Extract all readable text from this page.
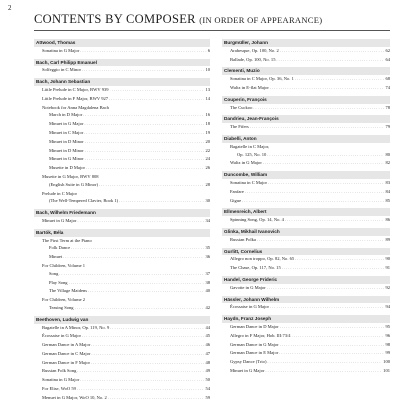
2
CONTENTS BY COMPOSER (IN ORDER OF APPEARANCE)
Attwood, Thomas
Sonatina in G Major . . .	6
Bach, Carl Philipp Emanuel
Solfeggio in C Minor . . .	10
Bach, Johann Sebastian
Little Prelude in C Major, BWV 939 . . .	13
Little Prelude in F Major, BWV 927 . . .	14
Notebook for Anna Magdalena Bach
March in D Major . . .	16
Minuet in G Major . . .	18
Minuet in C Major . . .	19
Minuet in D Minor . . .	20
Minuet in D Minor . . .	22
Minuet in G Minor . . .	24
Musette in D Major . . .	26
Musette in G Major, BWV 808
(English Suite in G Minor) . . .	28
Prelude in C Major
(The Well-Tempered Clavier, Book 1) . . .	30
Bach, Wilhelm Friedemann
Minuet in G Major . . .	34
Bartók, Béla
The First Term at the Piano
Folk Dance . . .	35
Minuet . . .	36
For Children, Volume 1
Song . . .	37
Play Song . . .	38
The Village Maidens . . .	40
For Children, Volume 2
Teasing Song . . .	42
Beethoven, Ludwig van
Bagatelle in A Minor, Op. 119, No. 9 . . .	44
Écossaise in G Major . . .	45
German Dance in A Major . . .	46
German Dance in C Major . . .	47
German Dance in F Major . . .	48
Russian Folk Song . . .	49
Sonatina in G Major . . .	50
For Elise, WoO 59 . . .	54
Menuet in G Major, WoO 10, No. 2 . . .	59
Burgmüller, Johann
Arabesque, Op. 100, No. 2 . . .	62
Ballade, Op. 100, No. 15 . . .	64
Clementi, Muzio
Sonatina in C Major, Op. 36, No. 1 . . .	68
Waltz in E-flat Major . . .	74
Couperin, François
The Cuckoo . . .	78
Dandrieu, Jean-François
The Fifers . . .	79
Diabelli, Anton
Bagatelle in C Major,
Op. 125, No. 10 . . .	80
Waltz in G Major . . .	82
Duncombe, William
Sonatina in C Major . . .	83
Fanfare . . .	84
Gigue . . .	85
Ellmenreich, Albert
Spinning Song, Op. 14, No. 4 . . .	86
Glinka, Mikhail Ivanovich
Russian Polka . . .	89
Gurlitt, Cornelius
Allegro non troppo, Op. 82, No. 65 . . .	90
The Chase, Op. 117, No. 15 . . .	91
Handel, George Frideric
Gavotte in G Major . . .	92
Hässler, Johann Wilhelm
Écossaise in G Major . . .	94
Haydn, Franz Joseph
German Dance in D Major . . .	95
Allegro in F Major, Hob. III:73/4 . . .	96
German Dance in G Major . . .	98
German Dance in E Major . . .	99
Gypsy Dance (Trio) . . .	100
Minuet in G Major . . .	101
